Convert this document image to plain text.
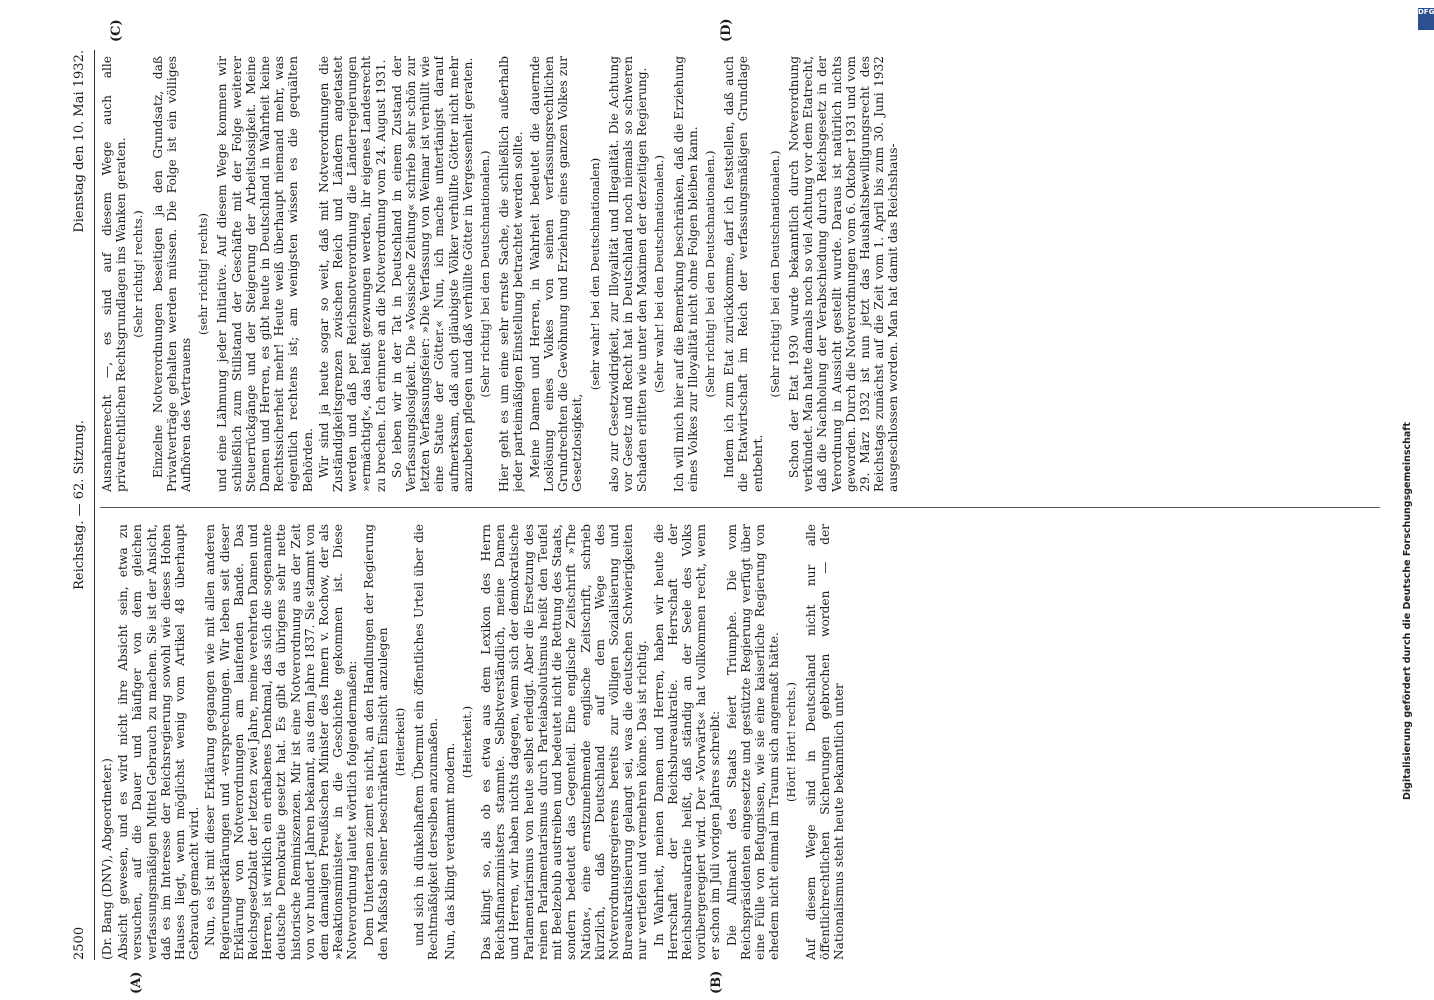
2500
Reichstag. — 62. Sitzung.
Dienstag den 10. Mai 1932.

(Dr. Bang (DNV), Abgeordneter.) Absicht gewesen, und es wird nicht ihre Absicht sein, etwa zu versuchen, auf die Dauer und häufiger von dem gleichen verfassungsmäßigen Mittel Gebrauch zu machen. Sie ist der Ansicht, daß es im Interesse der Reichsregierung sowohl wie dieses Hohen Hauses liegt, wenn möglichst wenig vom Artikel 48 überhaupt Gebrauch gemacht wird. Nun, es ist mit dieser Erklärung gegangen wie mit allen anderen Regierungserklärungen und -versprechungen. Wir leben seit dieser Erklärung von Notverordnungen am laufenden Bande. Das Reichsgesetzblatt der letzten zwei Jahre, meine verehrten Damen und Herren, ist wirklich ein erhabenes Denkmal, das sich die sogenannte deutsche Demokratie gesetzt hat. Es gibt da übrigens sehr nette historische Reminiszenzen. Mir ist eine Notverordnung aus der Zeit von vor hundert Jahren bekannt, aus dem Jahre 1837. Sie stammt von dem damaligen Preußischen Minister des Innern v. Rochow, der als »Reaktionsminister« in die Geschichte gekommen ist. Diese Notverordnung lautet wörtlich folgendermaßen: Dem Untertanen ziemt es nicht, an den Handlungen der Regierung den Maßstab seiner beschränkten Einsicht anzulegen (Heiterkeit) und sich in dünkelhaftem Übermut ein öffentliches Urteil über die Rechtmäßigkeit derselben anzumaßen. Nun, das klingt verdammt modern.

(Heiterkeit.) Das klingt so, als ob es etwa aus dem Lexikon des Herrn Reichsfinanzministers stammte. Selbstverständlich, meine Damen und Herren, wir haben nichts dagegen, wenn sich der demokratische Parlamentarismus von heute selbst erledigt. Aber die Ersetzung des reinen Parlamentarismus durch Parteiabsolutismus heißt den Teufel mit Beelzebub austreiben und bedeutet nicht die Rettung des Staats, sondern bedeutet das Gegenteil. Eine englische Zeitschrift »The Nation«, eine ernstzunehmende englische Zeitschrift, schrieb kürzlich, daß Deutschland auf dem Wege des Notverordnungsregierens bereits zur völligen Sozialisierung und Bureaukratisierung gelangt sei, was die deutschen Schwierigkeiten nur vertiefen und vermehren könne. Das ist richtig. In Wahrheit, meinen Damen und Herren, haben wir heute die Herrschaft der Reichsbureaukratie. Herrschaft der Reichsbureaukratie heißt, daß ständig an der Seele des Volks vorübergeregiert wird. Der »Vorwärts« hat vollkommen recht, wenn er schon im Juli vorigen Jahres schreibt: Die Allmacht des Staats feiert Triumphe. Die vom Reichspräsidenten eingesetzte und gestützte Regierung verfügt über eine Fülle von Befugnissen, wie sie eine kaiserliche Regierung von ehedem nicht einmal im Traum sich angemaßt hätte. (Hört! Hört! rechts.) Auf diesem Wege sind in Deutschland nicht nur alle öffentlichrechtlichen Sicherungen gebrochen worden — der Nationalismus steht heute bekanntlich unter

Ausnahmerecht —, es sind auf diesem Wege auch alle privatrechtlichen Rechtsgrundlagen ins Wanken geraten. (Sehr richtig! rechts.) Einzelne Notverordnungen beseitigen ja den Grundsatz, daß Privatverträge gehalten werden müssen. Die Folge ist ein völliges Aufhören des Vertrauens

(sehr richtig! rechts) und eine Lähmung jeder Initiative. Auf diesem Wege kommen wir schließlich zum Stillstand der Geschäfte mit der Folge weiterer Steuerrückgänge und der Steigerung der Arbeitslosigkeit. Meine Damen und Herren, es gibt heute in Deutschland in Wahrheit keine Rechtssicherheit mehr! Heute weiß überhaupt niemand mehr, was eigentlich rechtens ist; am wenigsten wissen es die gequälten Behörden. Wir sind ja heute sogar so weit, daß mit Notverordnungen die Zuständigkeitsgrenzen zwischen Reich und Ländern angetastet werden und daß per Reichsnotverordnung die Länderregierungen »ermächtigt«, das heißt gezwungen werden, ihr eigenes Landesrecht zu brechen. Ich erinnere an die Notverordnung vom 24. August 1931. So leben wir in der Tat in Deutschland in einem Zustand der Verfassungslosigkeit. Die »Vossische Zeitung« schrieb sehr schön zur letzten Verfassungsfeier: »Die Verfassung von Weimar ist verhüllt wie eine Statue der Götter.« Nun, ich mache untertänigst darauf aufmerksam, daß auch gläubigste Völker verhüllte Götter nicht mehr anzubeten pflegen und daß verhüllte Götter in Vergessenheit geraten. (Sehr richtig! bei den Deutschnationalen.) Hier geht es um eine sehr ernste Sache, die schließlich außerhalb jeder parteimäßigen Einstellung betrachtet werden sollte. Meine Damen und Herren, in Wahrheit bedeutet die dauernde Loslösung eines Volkes von seinen verfassungsrechtlichen Grundrechten die Gewöhnung und Erziehung eines ganzen Volkes zur Gesetzlosigkeit,

(sehr wahr! bei den Deutschnationalen) also zur Gesetzwidrigkeit, zur Illoyalität und Illegalität. Die Achtung vor Gesetz und Recht hat in Deutschland noch niemals so schweren Schaden erlitten wie unter den Maximen der derzeitigen Regierung. (Sehr wahr! bei den Deutschnationalen.) Ich will mich hier auf die Bemerkung beschränken, daß die Erziehung eines Volkes zur Illoyalität nicht ohne Folgen bleiben kann. (Sehr richtig! bei den Deutschnationalen.) Indem ich zum Etat zurückkomme, darf ich feststellen, daß auch die Etatwirtschaft im Reich der verfassungsmäßigen Grundlage entbehrt.

(Sehr richtig! bei den Deutschnationalen.) Schon der Etat 1930 wurde bekanntlich durch Notverordnung verkündet. Man hatte damals noch so viel Achtung vor dem Etatrecht, daß die Nachholung der Verabschiedung durch Reichsgesetz in der Verordnung in Aussicht gestellt wurde. Daraus ist natürlich nichts geworden. Durch die Notverordnungen vom 6. Oktober 1931 und vom 29. März 1932 ist nun jetzt das Haushaltsbewilligungsrecht des Reichstags zunächst auf die Zeit vom 1. April bis zum 30. Juni 1932 ausgeschlossen worden. Man hat damit das Reichshaus-

(A)	(B)
(C)	(D)
Digitalisierung gefördert durch die Deutsche Forschungsgemeinschaft
DFG
